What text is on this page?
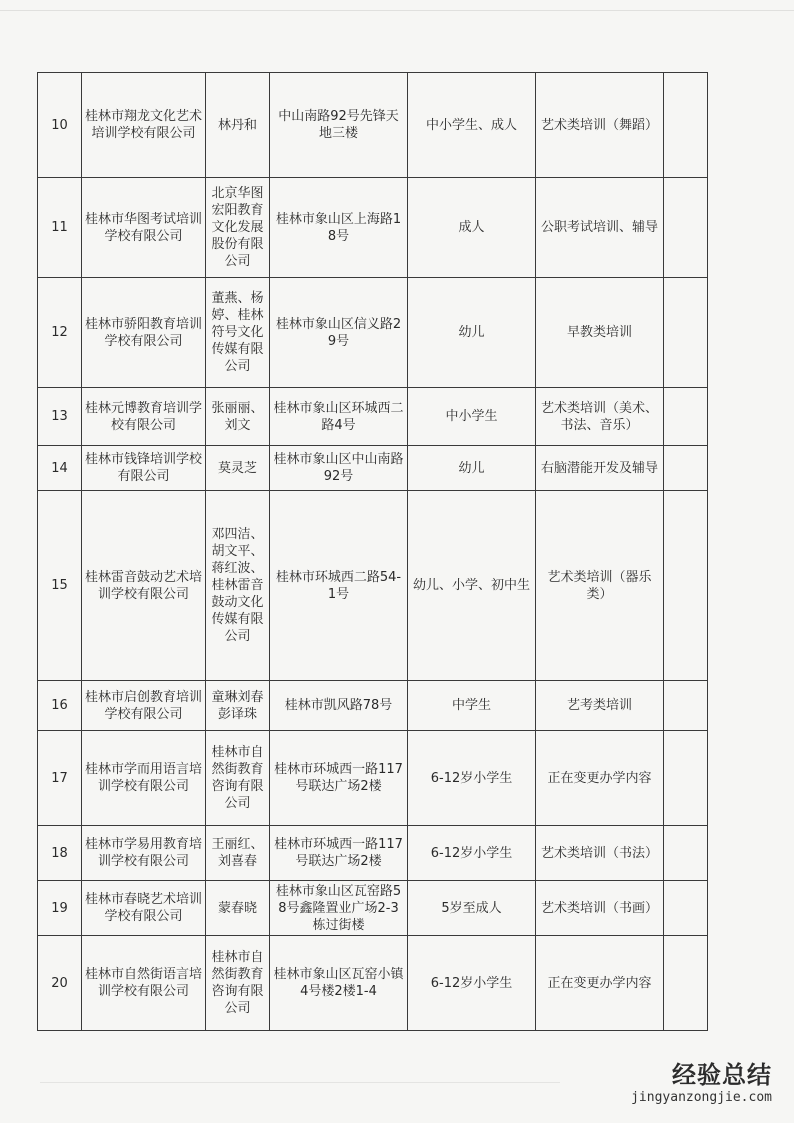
10	桂林市翔龙文化艺术培训学校有限公司	林丹和	中山南路92号先锋天地三楼	中小学生、成人	艺术类培训（舞蹈）	
11	桂林市华图考试培训学校有限公司	北京华图宏阳教育文化发展股份有限公司	桂林市象山区上海路18号	成人	公职考试培训、辅导	
12	桂林市骄阳教育培训学校有限公司	董燕、杨婷、桂林符号文化传媒有限公司	桂林市象山区信义路29号	幼儿	早教类培训	
13	桂林元博教育培训学校有限公司	张丽丽、刘文	桂林市象山区环城西二路4号	中小学生	艺术类培训（美术、书法、音乐）	
14	桂林市钱锋培训学校有限公司	莫灵芝	桂林市象山区中山南路92号	幼儿	右脑潜能开发及辅导	
15	桂林雷音鼓动艺术培训学校有限公司	邓四洁、胡文平、蒋红波、桂林雷音鼓动文化传媒有限公司	桂林市环城西二路54-1号	幼儿、小学、初中生	艺术类培训（器乐类）	
16	桂林市启创教育培训学校有限公司	童琳刘春彭译珠	桂林市凯风路78号	中学生	艺考类培训	
17	桂林市学而用语言培训学校有限公司	桂林市自然街教育咨询有限公司	桂林市环城西一路117号联达广场2楼	6-12岁小学生	正在变更办学内容	
18	桂林市学易用教育培训学校有限公司	王丽红、刘喜春	桂林市环城西一路117号联达广场2楼	6-12岁小学生	艺术类培训（书法）	
19	桂林市春晓艺术培训学校有限公司	蒙春晓	桂林市象山区瓦窑路58号鑫隆置业广场2-3栋过街楼	5岁至成人	艺术类培训（书画）	
20	桂林市自然街语言培训学校有限公司	桂林市自然街教育咨询有限公司	桂林市象山区瓦窑小镇4号楼2楼1-4	6-12岁小学生	正在变更办学内容	
经验总结
jingyanzongjie.com
